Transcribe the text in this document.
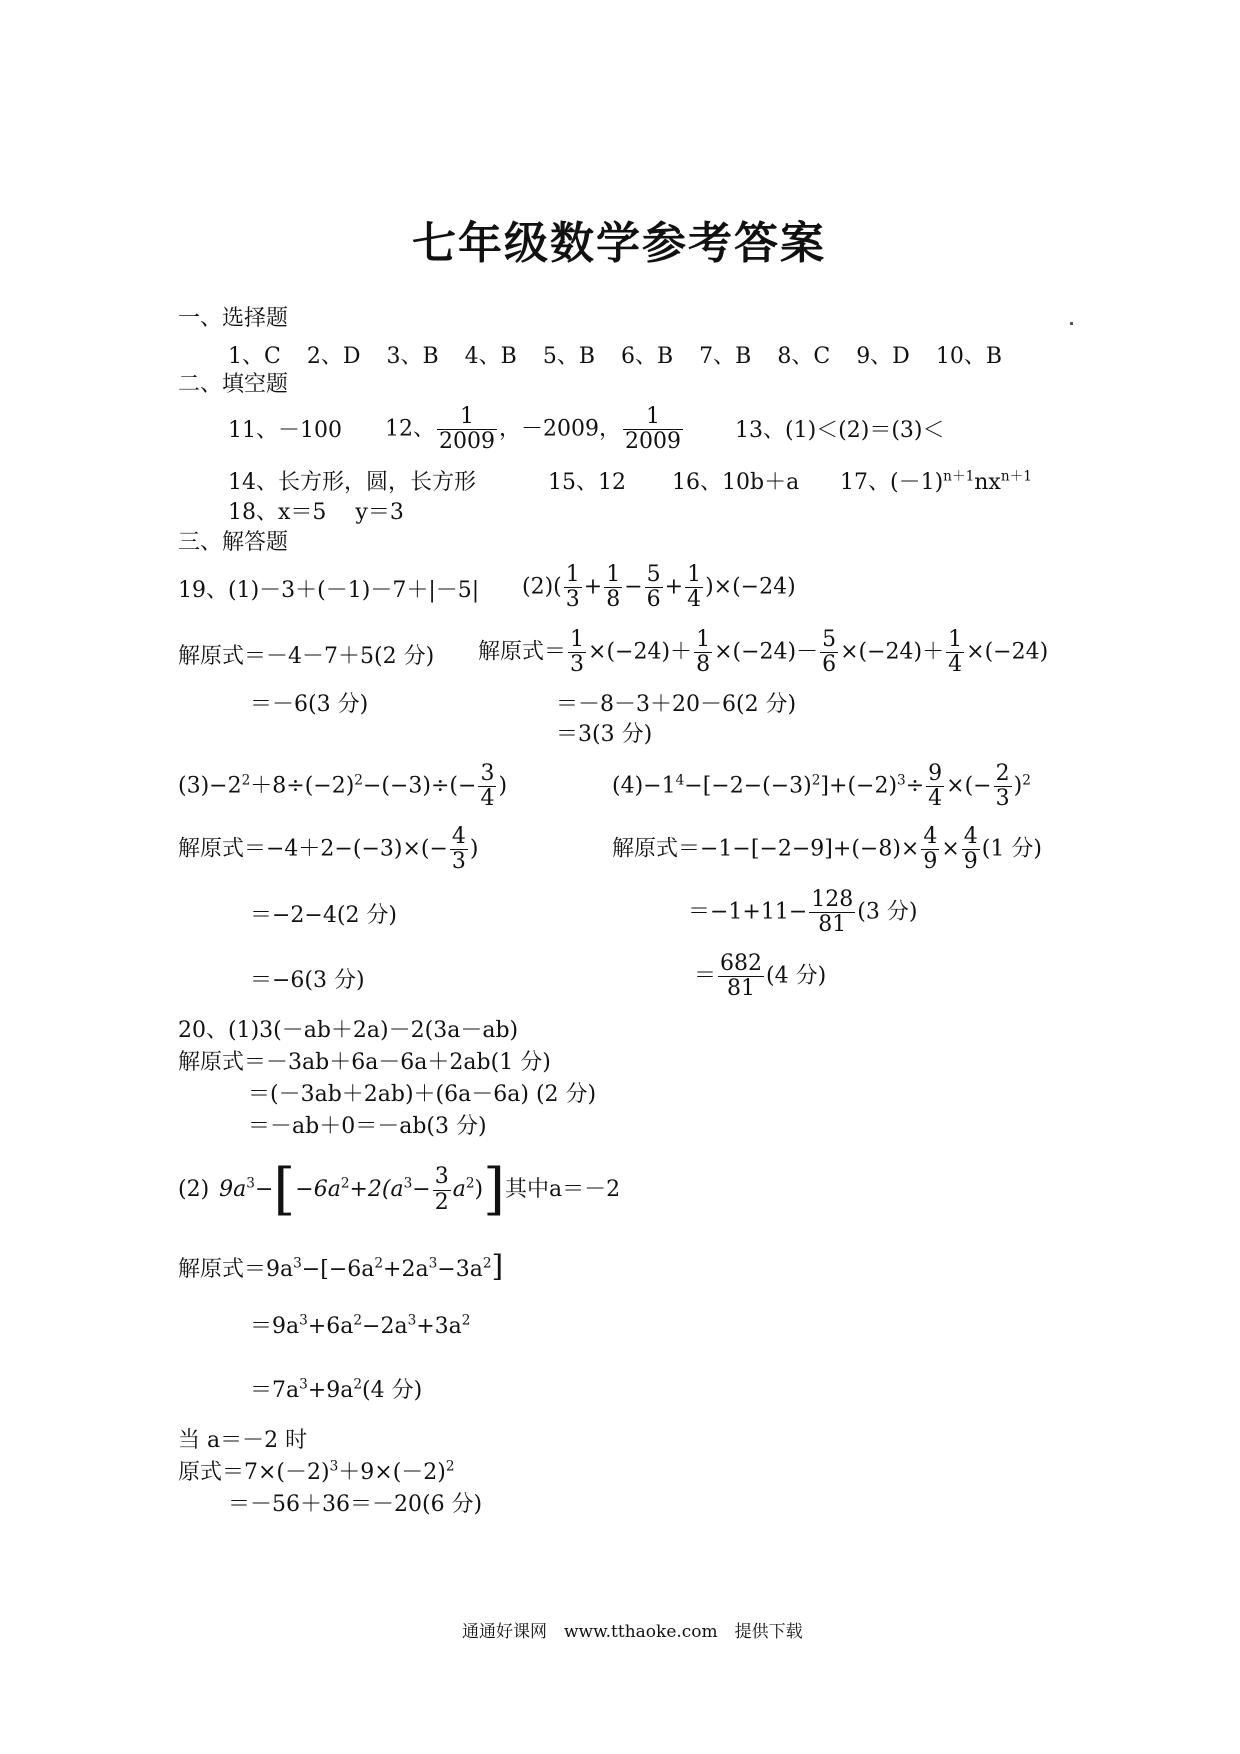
七年级数学参考答案
一、选择题
1、C 2、D 3、B 4、B 5、B 6、B 7、B 8、C 9、D 10、B
二、填空题
11、－100 12、 $\frac{1}{2009}$ ，－2009， $\frac{1}{2009} 13$、(1)＜(2)＝(3)＜
14、长方形，圆，长方形	15、12 16、10b＋a 17、$(-1)^{n+1}nx^{n+1}$
18、x＝5　 y＝3
三、解答题
19、(1)－3＋(－1)－7＋|－5| $(2)( \frac{1}{3} + \frac{1}{8} - \frac{5}{6} + \frac{1}{4} )\times(-24)$
解原式＝－4－7＋5(2 分) 解原式＝ $\frac{1}{3} \times(-24)+ \frac{1}{8} \times(-24)- \frac{5}{6} \times(-24)+ \frac{1}{4} \times(-24)$
＝－6(3 分)	＝－8－3＋20－6(2 分)
＝3(3 分)
$(3)-2^2+8\div(-2)^2-(-3)\div(- \frac{3}{4}$ )	$(4)-1^4-[-2-(-3)^2]+(-2)^3\div \frac{9}{4}$ ×(− $\frac{2}{3} )^2$
解原式$=-4+2-(-3)\times(- \frac{4}{3}$ )	解原式$=-1-[-2-9]+(-8)\times \frac{4}{9} \times \frac{4}{9} (1$ 分)
＝−2−4(2 分)	$=-1+11- \frac{128}{81} (3$ 分)
＝−6(3 分)	＝ $\frac{682}{81} (4$ 分)
20、(1)3(－ab＋2a)－2(3a－ab)
解原式＝－3ab＋6a－6a＋2ab(1 分)
＝(－3ab＋2ab)＋(6a－6a) (2 分)
＝－ab＋0＝－ab(3 分)
(2) $9a^3-[-6a^2+2(a^3- \frac{3}{2} a^2)]$其中a＝－2
解原式$=9a^3-[-6a^2+2a^3-3a^2]$
$=9a^3+6a^2-2a^3+3a^2$
$=7a^3+9a^2(4$ 分)
当 a＝－2 时
原式$=7\times(-2)^3+9\times(-2)^2$
＝－56＋36＝－20(6 分)
通通好课网　www.tthaoke.com　提供下载
